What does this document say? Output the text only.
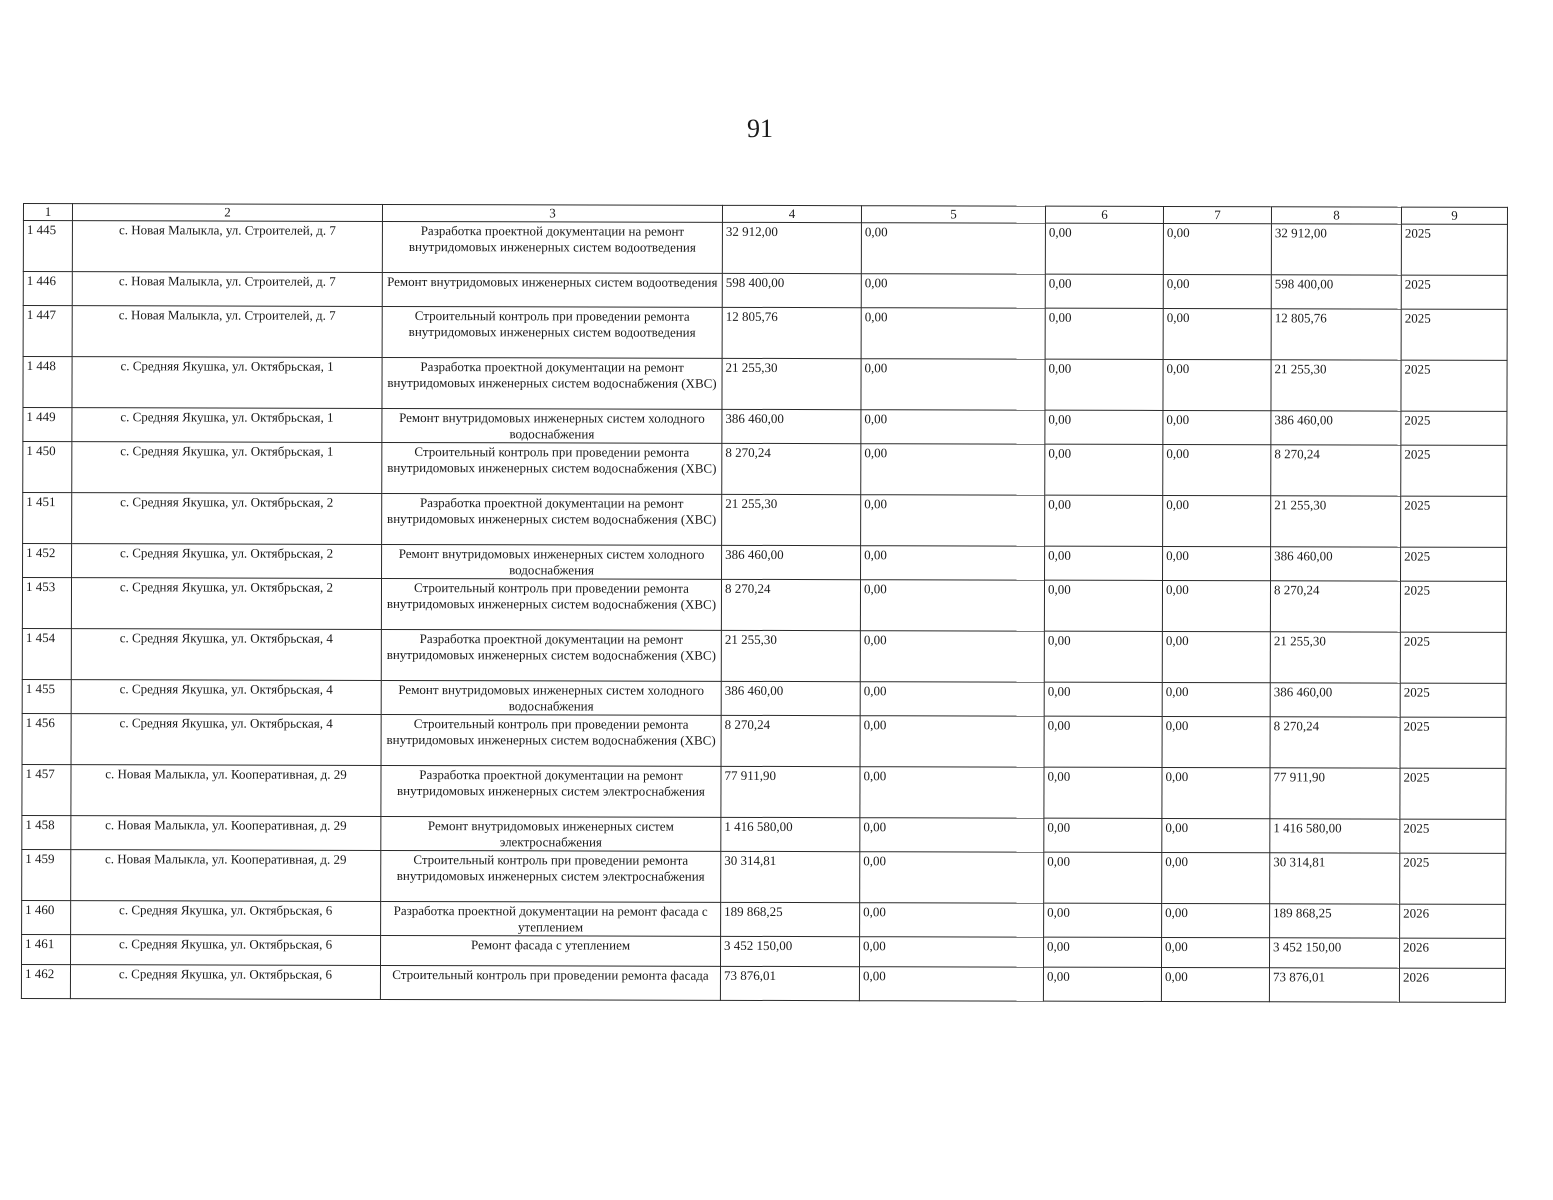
91
1	2	3	4	5	6	7	8	9
1 445	с. Новая Малыкла, ул. Строителей, д. 7	Разработка проектной документации на ремонт внутридомовых инженерных систем водоотведения	32 912,00	0,00	0,00	0,00	32 912,00	2025
1 446	с. Новая Малыкла, ул. Строителей, д. 7	Ремонт внутридомовых инженерных систем водоотведения	598 400,00	0,00	0,00	0,00	598 400,00	2025
1 447	с. Новая Малыкла, ул. Строителей, д. 7	Строительный контроль при проведении ремонта внутридомовых инженерных систем водоотведения	12 805,76	0,00	0,00	0,00	12 805,76	2025
1 448	с. Средняя Якушка, ул. Октябрьская, 1	Разработка проектной документации на ремонт внутридомовых инженерных систем водоснабжения (ХВС)	21 255,30	0,00	0,00	0,00	21 255,30	2025
1 449	с. Средняя Якушка, ул. Октябрьская, 1	Ремонт внутридомовых инженерных систем холодного водоснабжения	386 460,00	0,00	0,00	0,00	386 460,00	2025
1 450	с. Средняя Якушка, ул. Октябрьская, 1	Строительный контроль при проведении ремонта внутридомовых инженерных систем водоснабжения (ХВС)	8 270,24	0,00	0,00	0,00	8 270,24	2025
1 451	с. Средняя Якушка, ул. Октябрьская, 2	Разработка проектной документации на ремонт внутридомовых инженерных систем водоснабжения (ХВС)	21 255,30	0,00	0,00	0,00	21 255,30	2025
1 452	с. Средняя Якушка, ул. Октябрьская, 2	Ремонт внутридомовых инженерных систем холодного водоснабжения	386 460,00	0,00	0,00	0,00	386 460,00	2025
1 453	с. Средняя Якушка, ул. Октябрьская, 2	Строительный контроль при проведении ремонта внутридомовых инженерных систем водоснабжения (ХВС)	8 270,24	0,00	0,00	0,00	8 270,24	2025
1 454	с. Средняя Якушка, ул. Октябрьская, 4	Разработка проектной документации на ремонт внутридомовых инженерных систем водоснабжения (ХВС)	21 255,30	0,00	0,00	0,00	21 255,30	2025
1 455	с. Средняя Якушка, ул. Октябрьская, 4	Ремонт внутридомовых инженерных систем холодного водоснабжения	386 460,00	0,00	0,00	0,00	386 460,00	2025
1 456	с. Средняя Якушка, ул. Октябрьская, 4	Строительный контроль при проведении ремонта внутридомовых инженерных систем водоснабжения (ХВС)	8 270,24	0,00	0,00	0,00	8 270,24	2025
1 457	с. Новая Малыкла, ул. Кооперативная, д. 29	Разработка проектной документации на ремонт внутридомовых инженерных систем электроснабжения	77 911,90	0,00	0,00	0,00	77 911,90	2025
1 458	с. Новая Малыкла, ул. Кооперативная, д. 29	Ремонт внутридомовых инженерных систем электроснабжения	1 416 580,00	0,00	0,00	0,00	1 416 580,00	2025
1 459	с. Новая Малыкла, ул. Кооперативная, д. 29	Строительный контроль при проведении ремонта внутридомовых инженерных систем электроснабжения	30 314,81	0,00	0,00	0,00	30 314,81	2025
1 460	с. Средняя Якушка, ул. Октябрьская, 6	Разработка проектной документации на ремонт фасада с утеплением	189 868,25	0,00	0,00	0,00	189 868,25	2026
1 461	с. Средняя Якушка, ул. Октябрьская, 6	Ремонт фасада с утеплением	3 452 150,00	0,00	0,00	0,00	3 452 150,00	2026
1 462	с. Средняя Якушка, ул. Октябрьская, 6	Строительный контроль при проведении ремонта фасада	73 876,01	0,00	0,00	0,00	73 876,01	2026
